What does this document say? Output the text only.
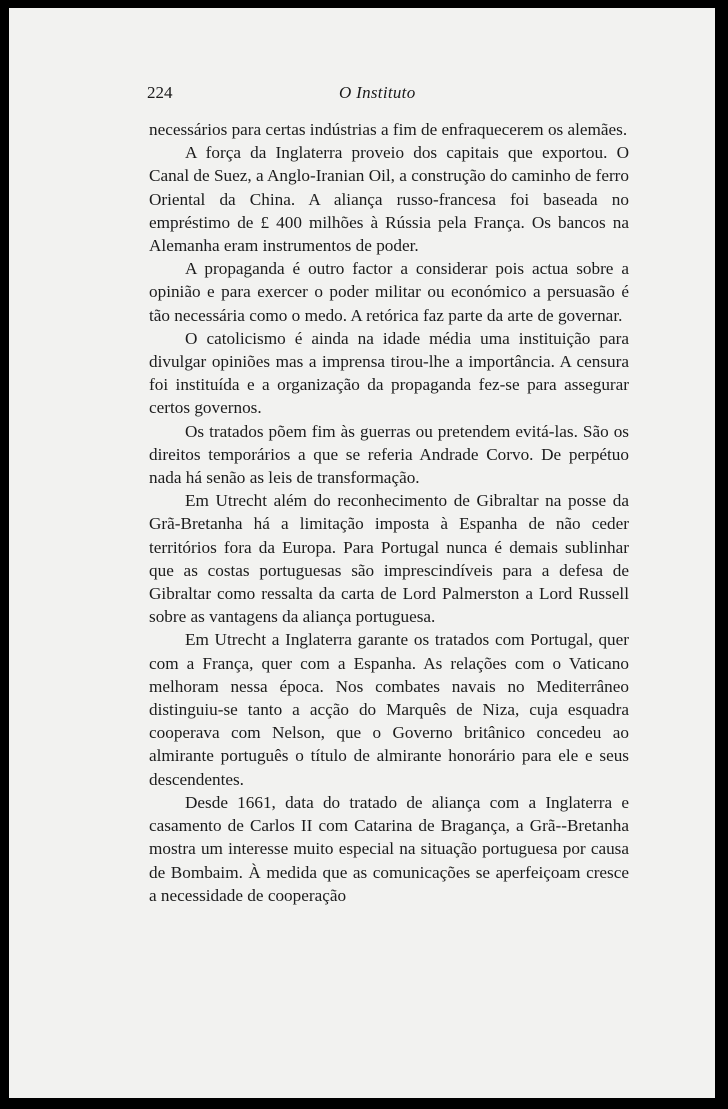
224	O Instituto

necessários para certas indústrias a fim de enfraquecerem os alemães.

A força da Inglaterra proveio dos capitais que exportou. O Canal de Suez, a Anglo-Iranian Oil, a construção do caminho de ferro Oriental da China. A aliança russo-francesa foi baseada no empréstimo de £ 400 milhões à Rússia pela França. Os bancos na Alemanha eram instrumentos de poder.

A propaganda é outro factor a considerar pois actua sobre a opinião e para exercer o poder militar ou económico a persuasão é tão necessária como o medo. A retórica faz parte da arte de governar.

O catolicismo é ainda na idade média uma instituição para divulgar opiniões mas a imprensa tirou-lhe a importância. A censura foi instituída e a organização da propaganda fez-se para assegurar certos governos.

Os tratados põem fim às guerras ou pretendem evitá-las. São os direitos temporários a que se referia Andrade Corvo. De perpétuo nada há senão as leis de transformação.

Em Utrecht além do reconhecimento de Gibraltar na posse da Grã-Bretanha há a limitação imposta à Espanha de não ceder territórios fora da Europa. Para Portugal nunca é demais sublinhar que as costas portuguesas são imprescindíveis para a defesa de Gibraltar como ressalta da carta de Lord Palmerston a Lord Russell sobre as vantagens da aliança portuguesa.

Em Utrecht a Inglaterra garante os tratados com Portugal, quer com a França, quer com a Espanha. As relações com o Vaticano melhoram nessa época. Nos combates navais no Mediterrâneo distinguiu-se tanto a acção do Marquês de Niza, cuja esquadra cooperava com Nelson, que o Governo britânico concedeu ao almirante português o título de almirante honorário para ele e seus descendentes.

Desde 1661, data do tratado de aliança com a Inglaterra e casamento de Carlos II com Catarina de Bragança, a Grã-​-Bretanha mostra um interesse muito especial na situação portuguesa por causa de Bombaim. À medida que as comunicações se aperfeiçoam cresce a necessidade de cooperação
